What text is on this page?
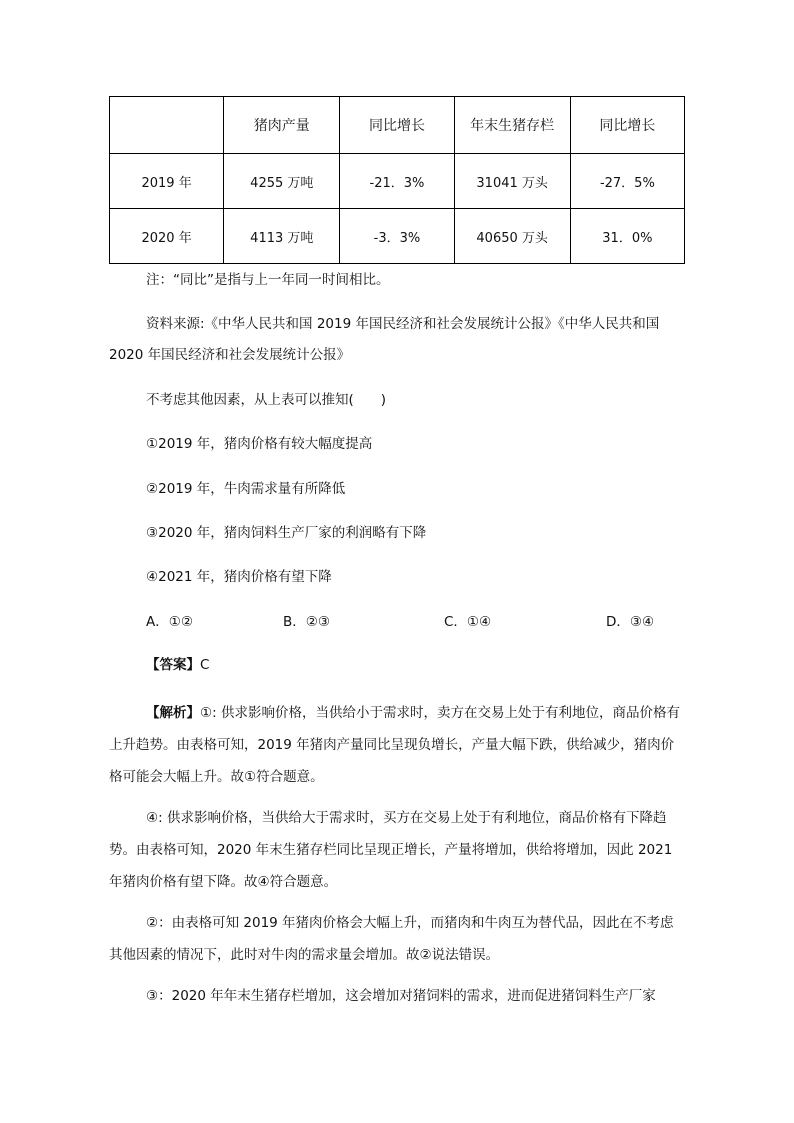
	猪肉产量	同比增长	年末生猪存栏	同比增长
2019 年	4255 万吨	-21．3%	31041 万头	-27．5%
2020 年	4113 万吨	-3．3%	40650 万头	31．0%
注：“同比”是指与上一年同一时间相比。
资料来源:《中华人民共和国 2019 年国民经济和社会发展统计公报》《中华人民共和国 2020 年国民经济和社会发展统计公报》
不考虑其他因素，从上表可以推知(　　)
①2019 年，猪肉价格有较大幅度提高
②2019 年，牛肉需求量有所降低
③2020 年，猪肉饲料生产厂家的利润略有下降
④2021 年，猪肉价格有望下降
A．①②	B．②③	C．①④	D．③④
【答案】C
【解析】①: 供求影响价格，当供给小于需求时，卖方在交易上处于有利地位，商品价格有上升趋势。由表格可知，2019 年猪肉产量同比呈现负增长，产量大幅下跌，供给减少，猪肉价格可能会大幅上升。故①符合题意。
④: 供求影响价格，当供给大于需求时，买方在交易上处于有利地位，商品价格有下降趋势。由表格可知，2020 年末生猪存栏同比呈现正增长，产量将增加，供给将增加，因此 2021 年猪肉价格有望下降。故④符合题意。
②：由表格可知 2019 年猪肉价格会大幅上升，而猪肉和牛肉互为替代品，因此在不考虑其他因素的情况下，此时对牛肉的需求量会增加。故②说法错误。
③：2020 年年末生猪存栏增加，这会增加对猪饲料的需求，进而促进猪饲料生产厂家
